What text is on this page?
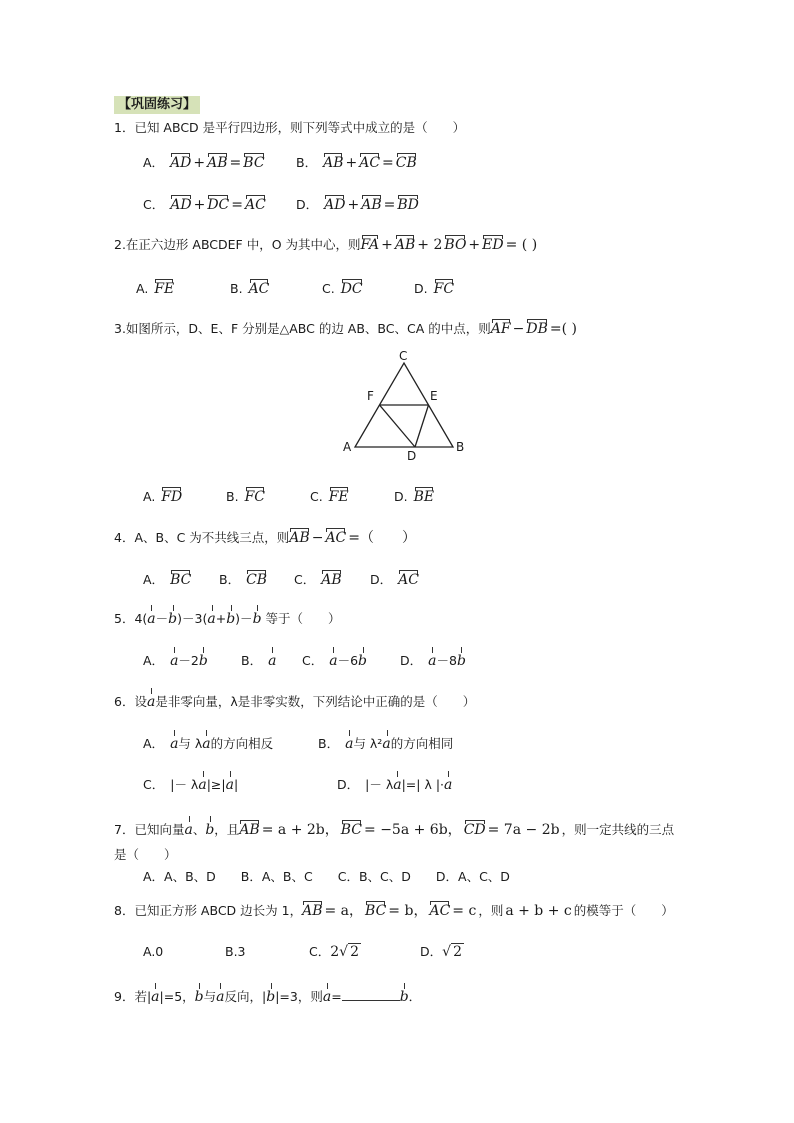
【巩固练习】
1．已知 ABCD 是平行四边形，则下列等式中成立的是（　　）
A． AD + AB = BC	B． AB + AC = CB
C． AD + DC = AC D． AD + AB = BD
2.在正六边形 ABCDEF 中，O 为其中心，则FA + AB + 2 BO + ED = ( )
A. FE	B. AC	C. DC	D. FC
3.如图所示，D、E、F 分别是△ABC 的边 AB、BC、CA 的中点，则AF − DB =( )
C
F	E
A	B
D
A. FD	B. FC	C. FE	D. BE
4．A、B、C 为不共线三点，则AB − AC =（　　）
A． BC B． CB C． AB D． AC
5．4(a－b)－3(a+b)－b 等于（　　）
A． a－2b	B． a C． a－6b	D． a－8b
6．设a是非零向量，λ是非零实数，下列结论中正确的是（　　）
A． a与 λa的方向相反	B． a与 λ²a的方向相同
C． |－ λa|≥|a|	D． |－ λa|=| λ |·a
7．已知向量a、b，且AB = a + 2b， BC = −5a + 6b， CD = 7a − 2b ，则一定共线的三点
是（　　）
A．A、B、D　　B．A、B、C　　C．B、C、D　　D．A、C、D
8．已知正方形 ABCD 边长为 1，AB = a， BC = b， AC = c ，则 a + b + c 的模等于（　　）
A.0	B.3	C．2√ 2	D．√ 2
9．若|a|=5，b与a反向，|b|=3，则a=	b．
